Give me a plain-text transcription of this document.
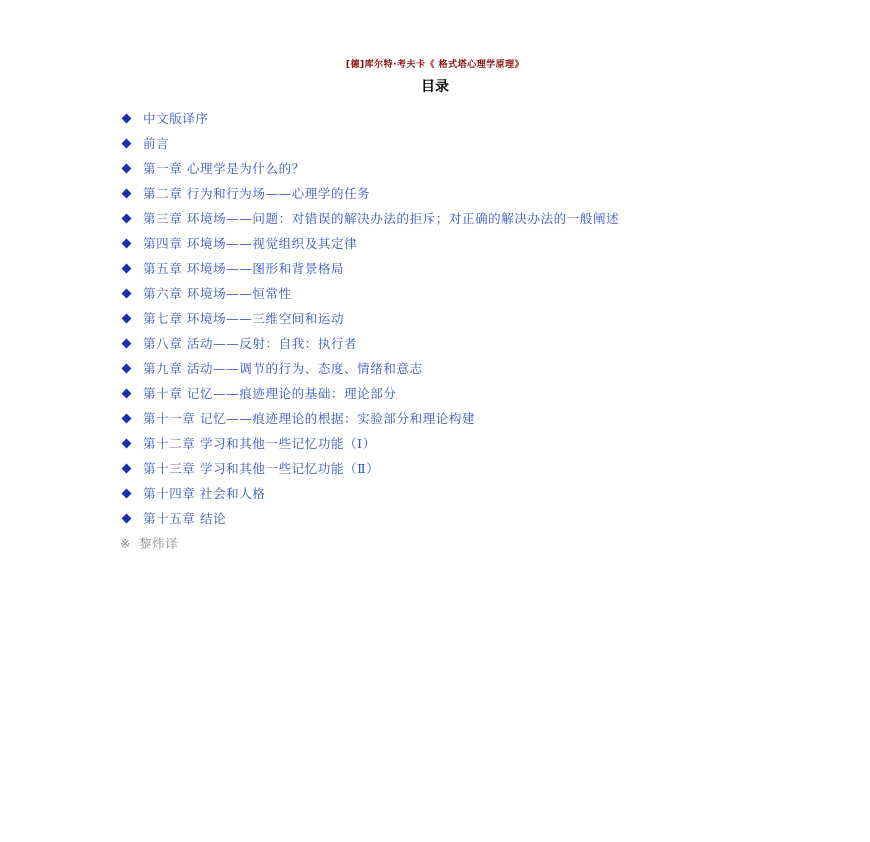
[德]库尔特·考夫卡《 格式塔心理学原理》
目录
中文版译序
前言
第一章 心理学是为什么的？
第二章 行为和行为场——心理学的任务
第三章 环境场——问题：对错误的解决办法的拒斥；对正确的解决办法的一般阐述
第四章 环境场——视觉组织及其定律
第五章 环境场——图形和背景格局
第六章 环境场——恒常性
第七章 环境场——三维空间和运动
第八章 活动——反射：自我：执行者
第九章 活动——调节的行为、态度、情绪和意志
第十章 记忆——痕迹理论的基础：理论部分
第十一章 记忆——痕迹理论的根据：实验部分和理论构建
第十二章 学习和其他一些记忆功能（Ⅰ）
第十三章 学习和其他一些记忆功能（Ⅱ）
第十四章 社会和人格
第十五章 结论
※ 黎炜译
